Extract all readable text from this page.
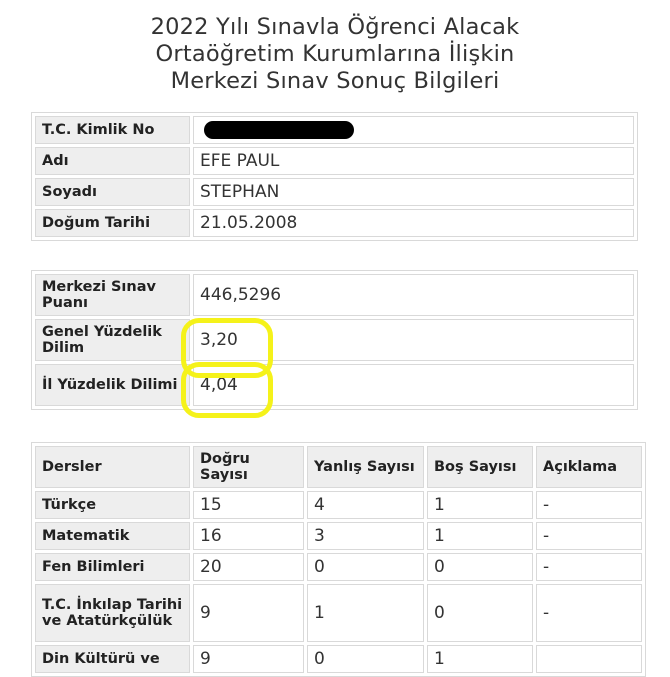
2022 Yılı Sınavla Öğrenci Alacak
Ortaöğretim Kurumlarına İlişkin
Merkezi Sınav Sonuç Bilgileri
T.C. Kimlik No	
Adı	EFE PAUL
Soyadı	STEPHAN
Doğum Tarihi	21.05.2008
Merkezi Sınav Puanı	446,5296
Genel Yüzdelik Dilim	3,20
İl Yüzdelik Dilimi	4,04
Dersler	Doğru Sayısı	Yanlış Sayısı	Boş Sayısı	Açıklama
Türkçe	15	4	1	-
Matematik	16	3	1	-
Fen Bilimleri	20	0	0	-
T.C. İnkılap Tarihi ve Atatürkçülük	9	1	0	-
Din Kültürü ve	9	0	1	
